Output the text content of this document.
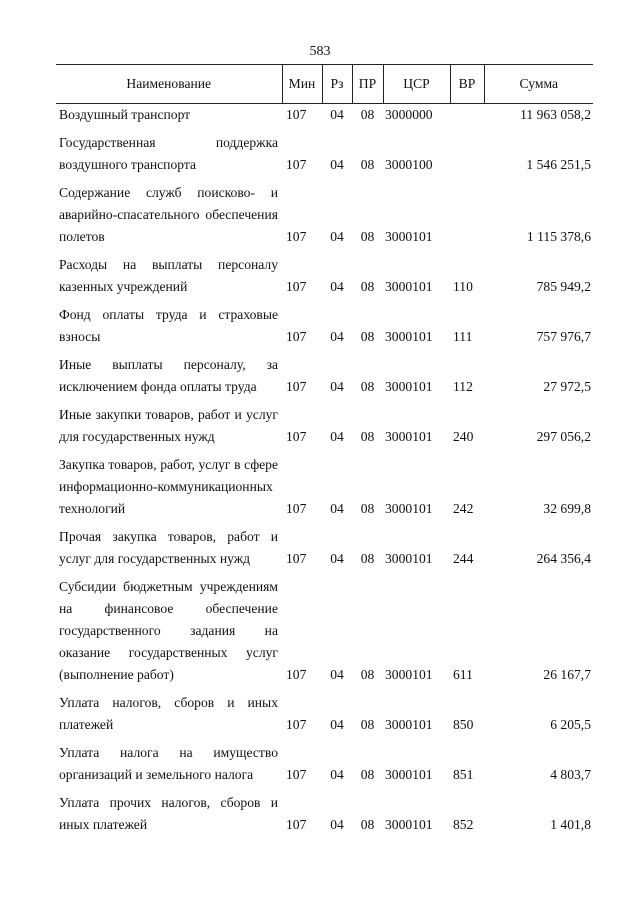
583
Наименование	Мин	Рз	ПР	ЦСР	ВР	Сумма
Воздушный транспорт	107	04	08	3000000		11 963 058,2
Государственная поддержка воздушного транспорта	107	04	08	3000100		1 546 251,5
Содержание служб поисково- и аварийно-спасательного обеспечения полетов	107	04	08	3000101		1 115 378,6
Расходы на выплаты персоналу казенных учреждений	107	04	08	3000101	110	785 949,2
Фонд оплаты труда и страховые взносы	107	04	08	3000101	111	757 976,7
Иные выплаты персоналу, за исключением фонда оплаты труда	107	04	08	3000101	112	27 972,5
Иные закупки товаров, работ и услуг для государственных нужд	107	04	08	3000101	240	297 056,2
Закупка товаров, работ, услуг в сфере информационно-коммуникационных технологий	107	04	08	3000101	242	32 699,8
Прочая закупка товаров, работ и услуг для государственных нужд	107	04	08	3000101	244	264 356,4
Субсидии бюджетным учреждениям на финансовое обеспечение государственного задания на оказание государственных услуг (выполнение работ)	107	04	08	3000101	611	26 167,7
Уплата налогов, сборов и иных платежей	107	04	08	3000101	850	6 205,5
Уплата налога на имущество организаций и земельного налога	107	04	08	3000101	851	4 803,7
Уплата прочих налогов, сборов и иных платежей	107	04	08	3000101	852	1 401,8
